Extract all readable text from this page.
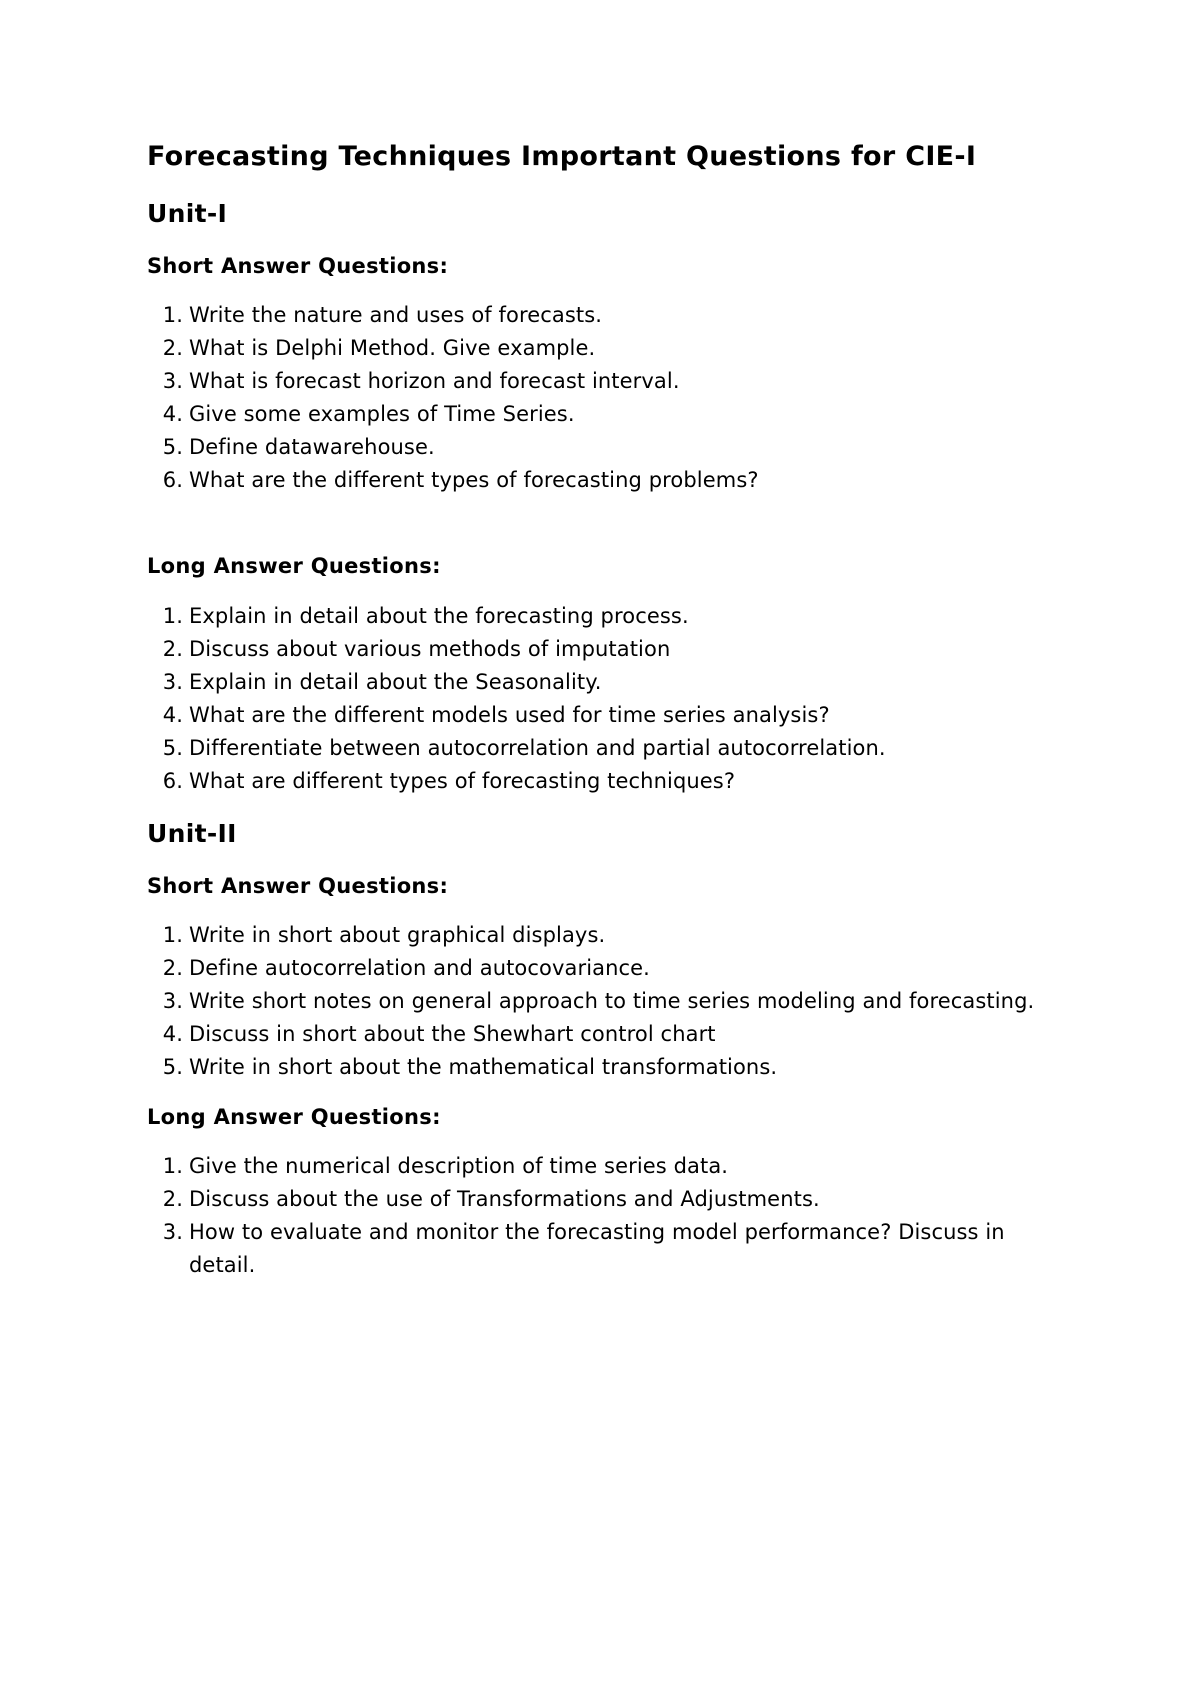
Forecasting Techniques Important Questions for CIE-I
Unit-I
Short Answer Questions:
1. Write the nature and uses of forecasts.
2. What is Delphi Method. Give example.
3. What is forecast horizon and forecast interval.
4. Give some examples of Time Series.
5. Define datawarehouse.
6. What are the different types of forecasting problems?
Long Answer Questions:
1. Explain in detail about the forecasting process.
2. Discuss about various methods of imputation
3. Explain in detail about the Seasonality.
4. What are the different models used for time series analysis?
5. Differentiate between autocorrelation and partial autocorrelation.
6. What are different types of forecasting techniques?
Unit-II
Short Answer Questions:
1. Write in short about graphical displays.
2. Define autocorrelation and autocovariance.
3. Write short notes on general approach to time series modeling and forecasting.
4. Discuss in short about the Shewhart control chart
5. Write in short about the mathematical transformations.
Long Answer Questions:
1. Give the numerical description of time series data.
2. Discuss about the use of Transformations and Adjustments.
3. How to evaluate and monitor the forecasting model performance? Discuss in detail.
